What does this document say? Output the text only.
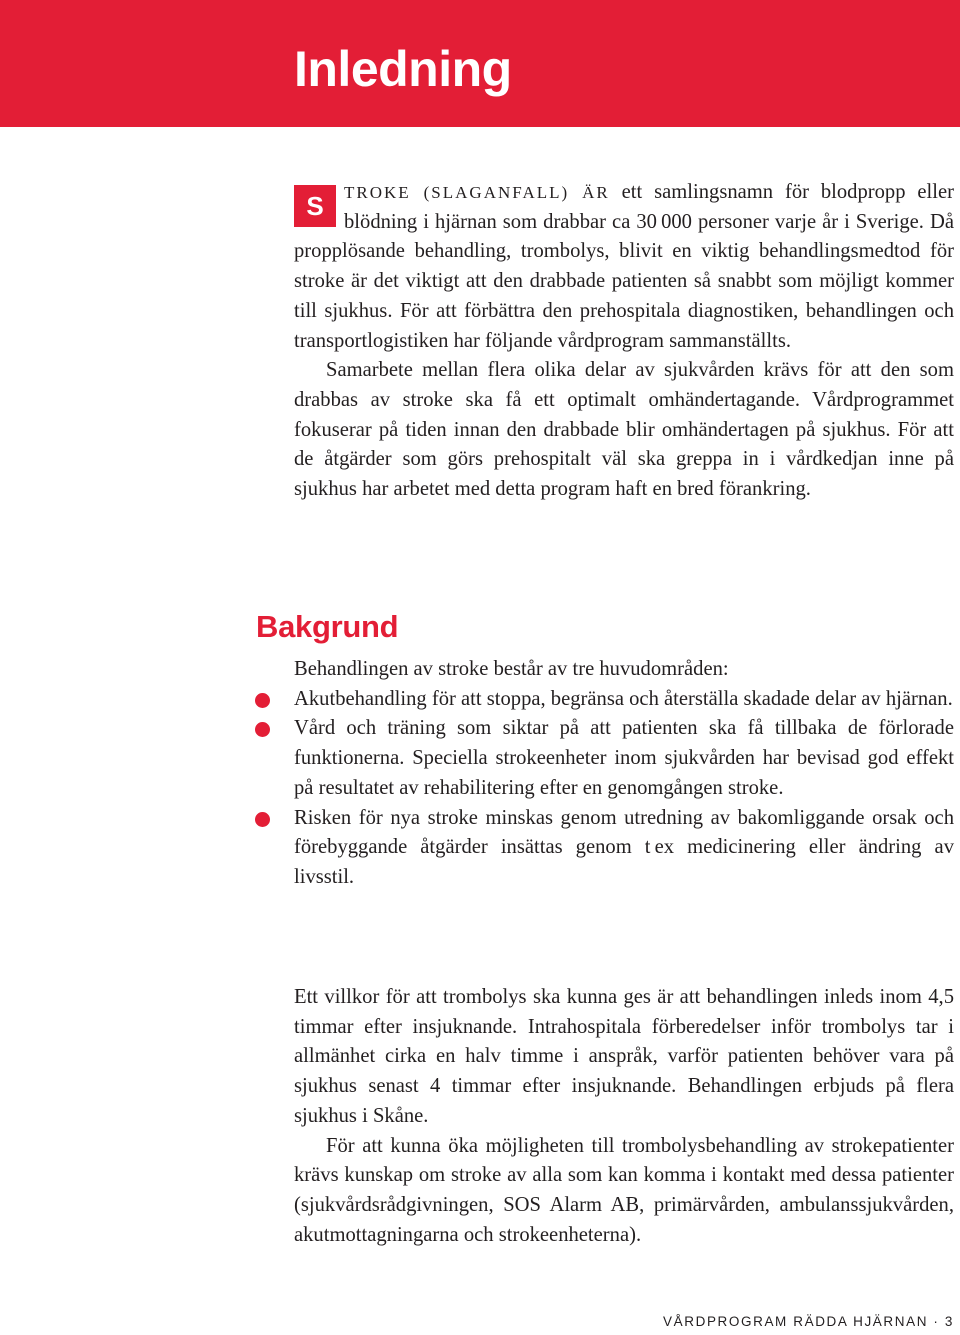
Inledning

S	TROKE (SLAGANFALL) ÄR ett samlingsnamn för blodpropp eller blödning i hjärnan som drabbar ca 30 000 personer varje år i Sverige. Då propplösande behandling, trombolys, blivit en viktig behandlingsmedtod för stroke är det viktigt att den drabbade patienten så snabbt som möjligt kommer till sjukhus. För att förbättra den prehospitala diagnostiken, behandlingen och transportlogistiken har följande vårdprogram sammanställts.

Samarbete mellan flera olika delar av sjukvården krävs för att den som drabbas av stroke ska få ett optimalt omhändertagande. Vårdprogrammet fokuserar på tiden innan den drabbade blir omhändertagen på sjukhus. För att de åtgärder som görs prehospitalt väl ska greppa in i vårdkedjan inne på sjukhus har arbetet med detta program haft en bred förankring.

Bakgrund

Behandlingen av stroke består av tre huvudområden:

Akutbehandling för att stoppa, begränsa och återställa skadade delar av hjärnan.
Vård och träning som siktar på att patienten ska få tillbaka de förlorade funktionerna. Speciella strokeenheter inom sjukvården har bevisad god effekt på resultatet av rehabilitering efter en genomgången stroke.
Risken för nya stroke minskas genom utredning av bakomliggande orsak och förebyggande åtgärder insättas genom t ex medicinering eller ändring av livsstil.

Ett villkor för att trombolys ska kunna ges är att behandlingen inleds inom 4,5 timmar efter insjuknande. Intrahospitala förberedelser inför trombolys tar i allmänhet cirka en halv timme i anspråk, varför patienten behöver vara på sjukhus senast 4 timmar efter insjuknande. Behandlingen erbjuds på flera sjukhus i Skåne.

För att kunna öka möjligheten till trombolysbehandling av strokepatienter krävs kunskap om stroke av alla som kan komma i kontakt med dessa patienter (sjukvårdsrådgivningen, SOS Alarm AB, primärvården, ambulanssjukvården, akutmottagningarna och strokeenheterna).

VÅRDPROGRAM RÄDDA HJÄRNAN · 3
